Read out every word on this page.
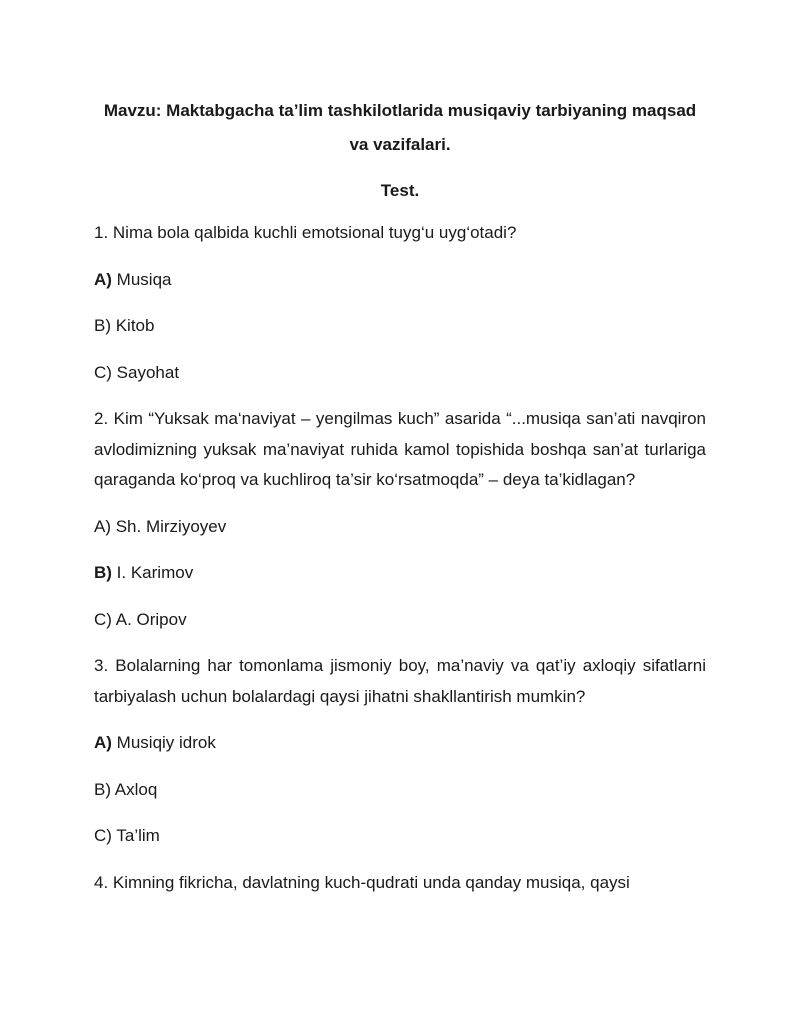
Mavzu: Maktabgacha ta’lim tashkilotlarida musiqaviy tarbiyaning maqsad va vazifalari.
Test.
1. Nima bola qalbida kuchli emotsional tuyg‘u uyg‘otadi?
A) Musiqa
B) Kitob
C) Sayohat
2. Kim “Yuksak ma‘naviyat – yengilmas kuch” asarida “...musiqa san’ati navqiron avlodimizning yuksak ma’naviyat ruhida kamol topishida boshqa san’at turlariga qaraganda ko‘proq va kuchliroq ta’sir ko‘rsatmoqda” – deya ta’kidlagan?
A) Sh. Mirziyoyev
B) I. Karimov
C) A. Oripov
3. Bolalarning har tomonlama jismoniy boy, ma’naviy va qat’iy axloqiy sifatlarni tarbiyalash uchun bolalardagi qaysi jihatni shakllantirish mumkin?
A) Musiqiy idrok
B) Axloq
C) Ta’lim
4. Kimning fikricha, davlatning kuch-qudrati unda qanday musiqa, qaysi
